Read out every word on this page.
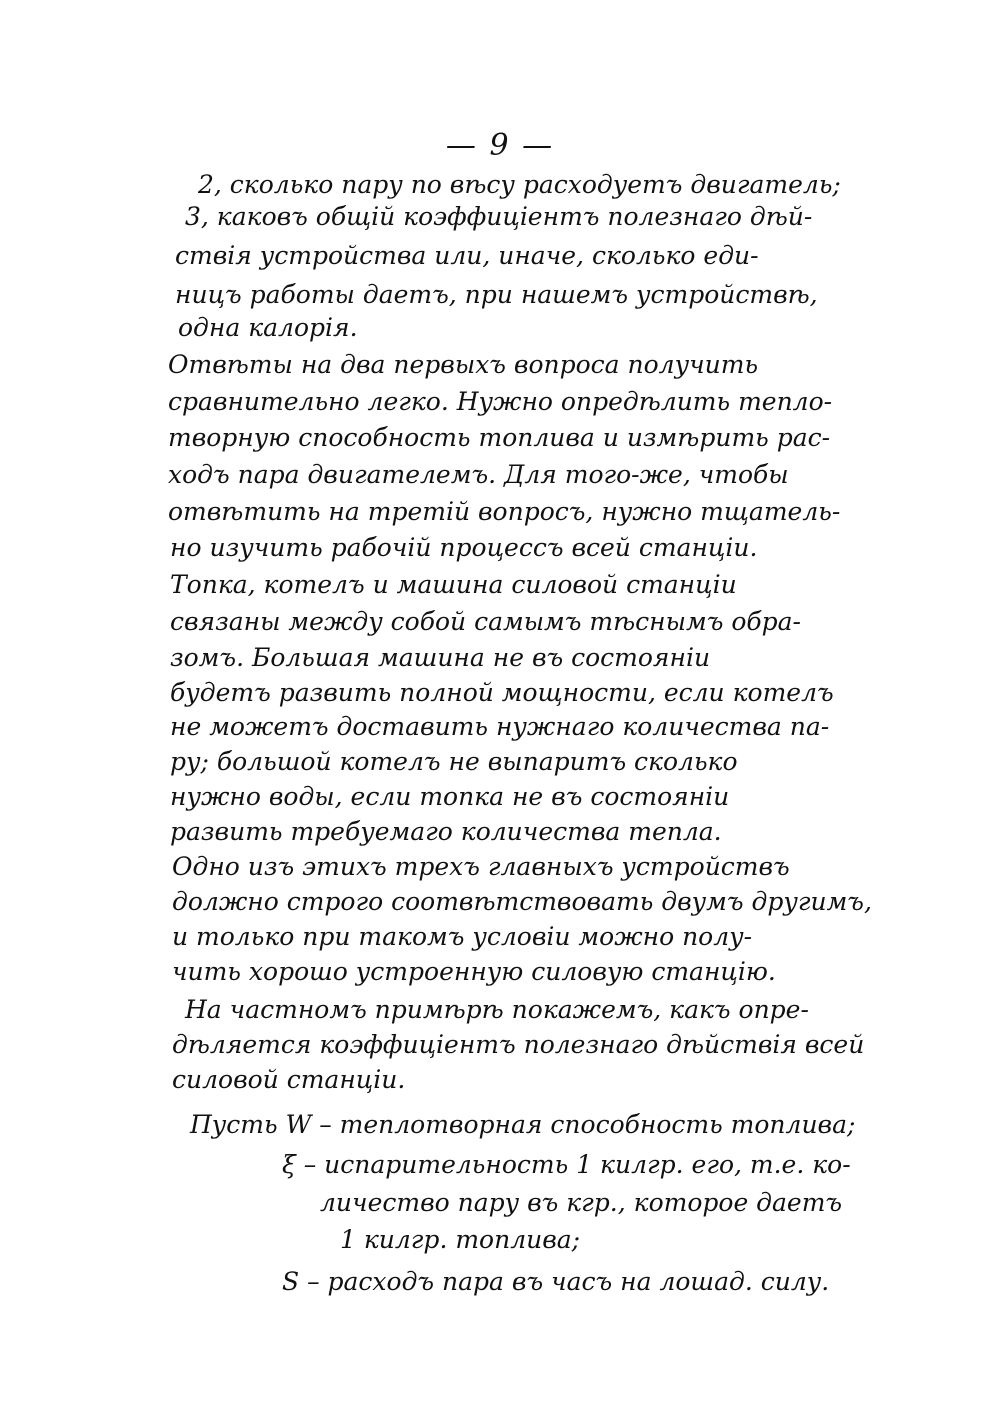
— 9 —
2, сколько пару по вѣсу расходуетъ двигатель;
3, каковъ общій коэффиціентъ полезнаго дѣй-
ствія устройства или, иначе, сколько еди-
ницъ работы даетъ, при нашемъ устройствѣ,
одна калорія.
Отвѣты на два первыхъ вопроса получить
сравнительно легко. Нужно опредѣлить тепло-
творную способность топлива и измѣрить рас-
ходъ пара двигателемъ. Для того-же, чтобы
отвѣтить на третій вопросъ, нужно тщатель-
но изучить рабочій процессъ всей станціи.
Топка, котелъ и машина силовой станціи
связаны между собой самымъ тѣснымъ обра-
зомъ. Большая машина не въ состояніи
будетъ развить полной мощности, если котелъ
не можетъ доставить нужнаго количества па-
ру; большой котелъ не выпаритъ сколько
нужно воды, если топка не въ состояніи
развить требуемаго количества тепла.
Одно изъ этихъ трехъ главныхъ устройствъ
должно строго соотвѣтствовать двумъ другимъ,
и только при такомъ условіи можно полу-
чить хорошо устроенную силовую станцію.
На частномъ примѣрѣ покажемъ, какъ опре-
дѣляется коэффиціентъ полезнаго дѣйствія всей
силовой станціи.
Пусть W – теплотворная способность топлива;
ξ – испарительность 1 килгр. его, т.е. ко-
личество пару въ кгр., которое даетъ
1 килгр. топлива;
S – расходъ пара въ часъ на лошад. силу.
